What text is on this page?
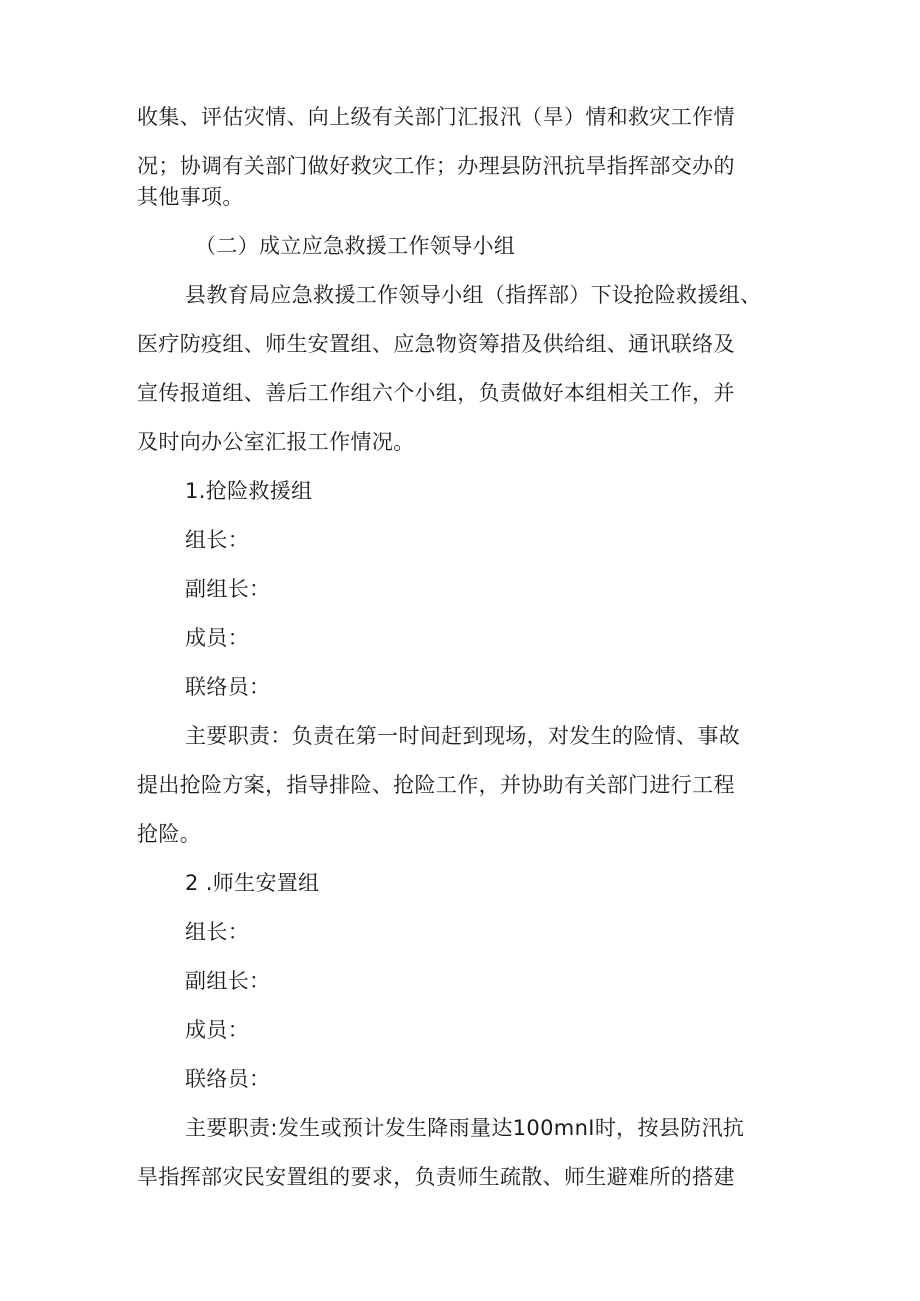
收集、评估灾情、向上级有关部门汇报汛（旱）情和救灾工作情
况；协调有关部门做好救灾工作；办理县防汛抗旱指挥部交办的
其他事项。
（二）成立应急救援工作领导小组
县教育局应急救援工作领导小组（指挥部）下设抢险救援组、
医疗防疫组、师生安置组、应急物资筹措及供给组、通讯联络及
宣传报道组、善后工作组六个小组，负责做好本组相关工作，并
及时向办公室汇报工作情况。
1.抢险救援组
组长：
副组长：
成员：
联络员：
主要职责：负责在第一时间赶到现场，对发生的险情、事故
提出抢险方案，指导排险、抢险工作，并协助有关部门进行工程
抢险。
2 .师生安置组
组长：
副组长：
成员：
联络员：
主要职责:发生或预计发生降雨量达100mnI时，按县防汛抗
旱指挥部灾民安置组的要求，负责师生疏散、师生避难所的搭建
